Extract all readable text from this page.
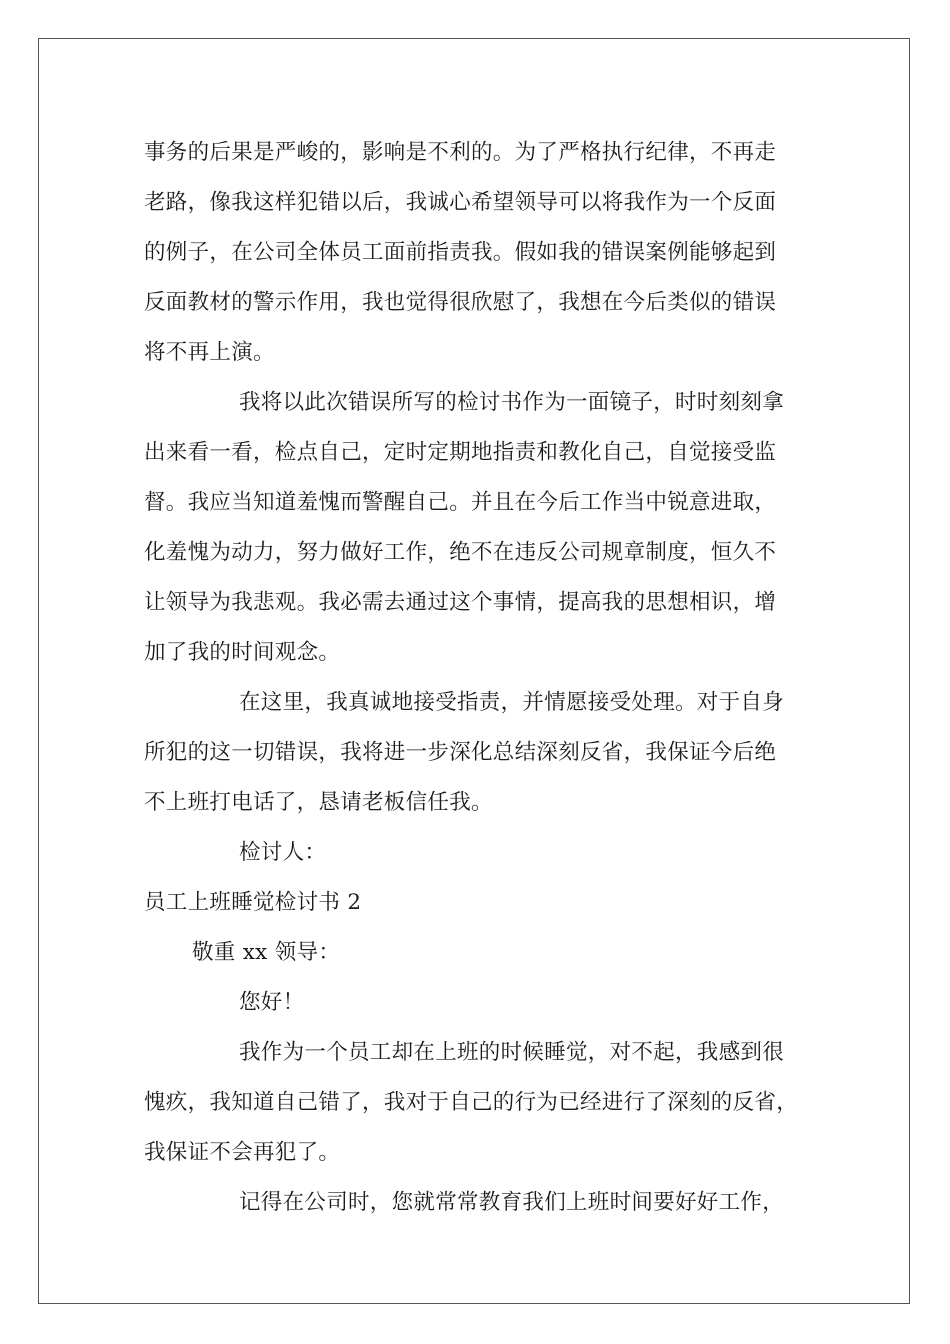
事务的后果是严峻的，影响是不利的。为了严格执行纪律，不再走
老路，像我这样犯错以后，我诚心希望领导可以将我作为一个反面
的例子，在公司全体员工面前指责我。假如我的错误案例能够起到
反面教材的警示作用，我也觉得很欣慰了，我想在今后类似的错误
将不再上演。
我将以此次错误所写的检讨书作为一面镜子，时时刻刻拿
出来看一看，检点自己，定时定期地指责和教化自己，自觉接受监
督。我应当知道羞愧而警醒自己。并且在今后工作当中锐意进取，
化羞愧为动力，努力做好工作，绝不在违反公司规章制度，恒久不
让领导为我悲观。我必需去通过这个事情，提高我的思想相识，增
加了我的时间观念。
在这里，我真诚地接受指责，并情愿接受处理。对于自身
所犯的这一切错误，我将进一步深化总结深刻反省，我保证今后绝
不上班打电话了，恳请老板信任我。
检讨人：
员工上班睡觉检讨书 2
敬重 xx 领导：
您好！
我作为一个员工却在上班的时候睡觉，对不起，我感到很
愧疚，我知道自己错了，我对于自己的行为已经进行了深刻的反省，
我保证不会再犯了。
记得在公司时，您就常常教育我们上班时间要好好工作，
